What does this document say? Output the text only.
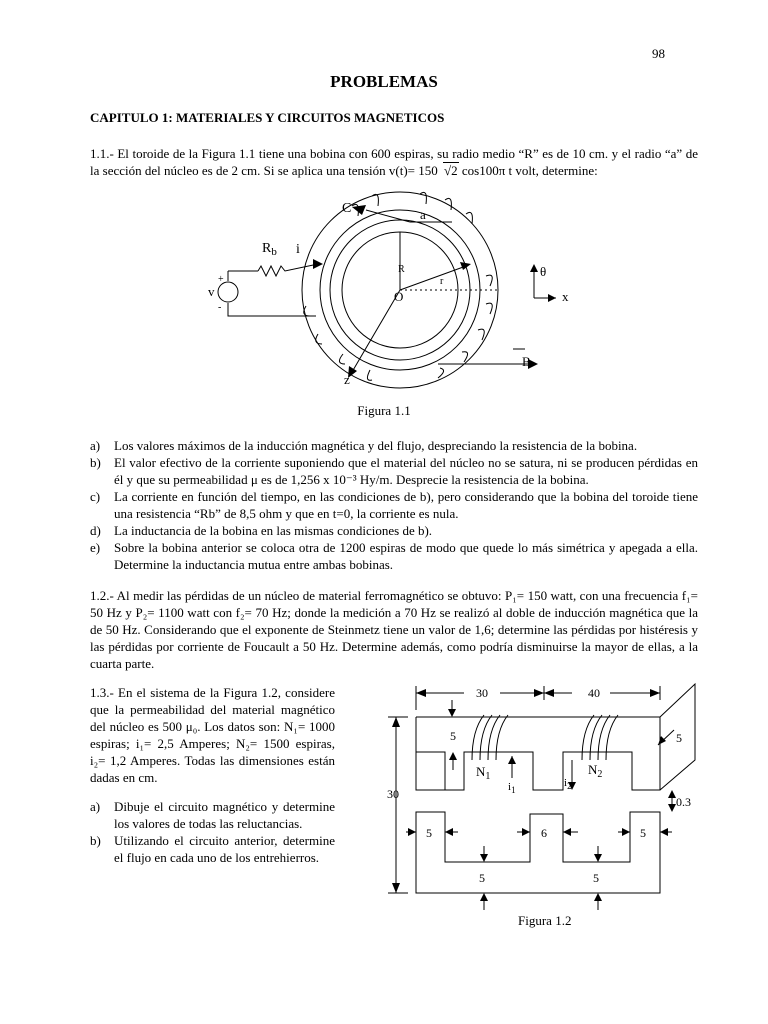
98
PROBLEMAS
CAPITULO 1: MATERIALES Y CIRCUITOS MAGNETICOS
1.1.- El toroide de la Figura 1.1 tiene una bobina con 600 espiras, su radio medio “R” es de 10 cm. y el radio “a” de la sección del núcleo es de 2 cm. Si se aplica una tensión v(t)= 150 √2 cos100π t volt, determine:
C	a
$R_b$ i
R
r
v
+
-
O
θ
x
B
z
Figura 1.1
a)	Los valores máximos de la inducción magnética y del flujo, despreciando la resistencia de la bobina.
b)	El valor efectivo de la corriente suponiendo que el material del núcleo no se satura, ni se producen pérdidas en él y que su permeabilidad μ es de 1,256 x 10⁻³ Hy/m. Desprecie la resistencia de la bobina.
c)	La corriente en función del tiempo, en las condiciones de b), pero considerando que la bobina del toroide tiene una resistencia “Rb” de 8,5 ohm y que en t=0, la corriente es nula.
d)	La inductancia de la bobina en las mismas condiciones de b).
e)	Sobre la bobina anterior se coloca otra de 1200 espiras de modo que quede lo más simétrica y apegada a ella. Determine la inductancia mutua entre ambas bobinas.
1.2.- Al medir las pérdidas de un núcleo de material ferromagnético se obtuvo: P₁= 150 watt, con una frecuencia f₁= 50 Hz y P₂= 1100 watt con f₂= 70 Hz; donde la medición a 70 Hz se realizó al doble de inducción magnética que la de 50 Hz. Considerando que el exponente de Steinmetz tiene un valor de 1,6; determine las pérdidas por histéresis y las pérdidas por corriente de Foucault a 50 Hz. Determine además, como podría disminuirse la mayor de ellas, a la cuarta parte.
1.3.- En el sistema de la Figura 1.2, considere que la permeabilidad del material magnético del núcleo es 500 μ₀. Los datos son: N₁= 1000 espiras; i₁= 2,5 Amperes; N₂= 1500 espiras, i₂= 1,2 Amperes. Todas las dimensiones están dadas en cm.
a)	Dibuje el circuito magnético y determine los valores de todas las reluctancias.
b)	Utilizando el circuito anterior, determine el flujo en cada uno de los entrehierros.
30	40
30
5
0.3
5
5	6	5
5	5
$N_1$	$N_2$
$i_1$
$i_2$
Figura 1.2
